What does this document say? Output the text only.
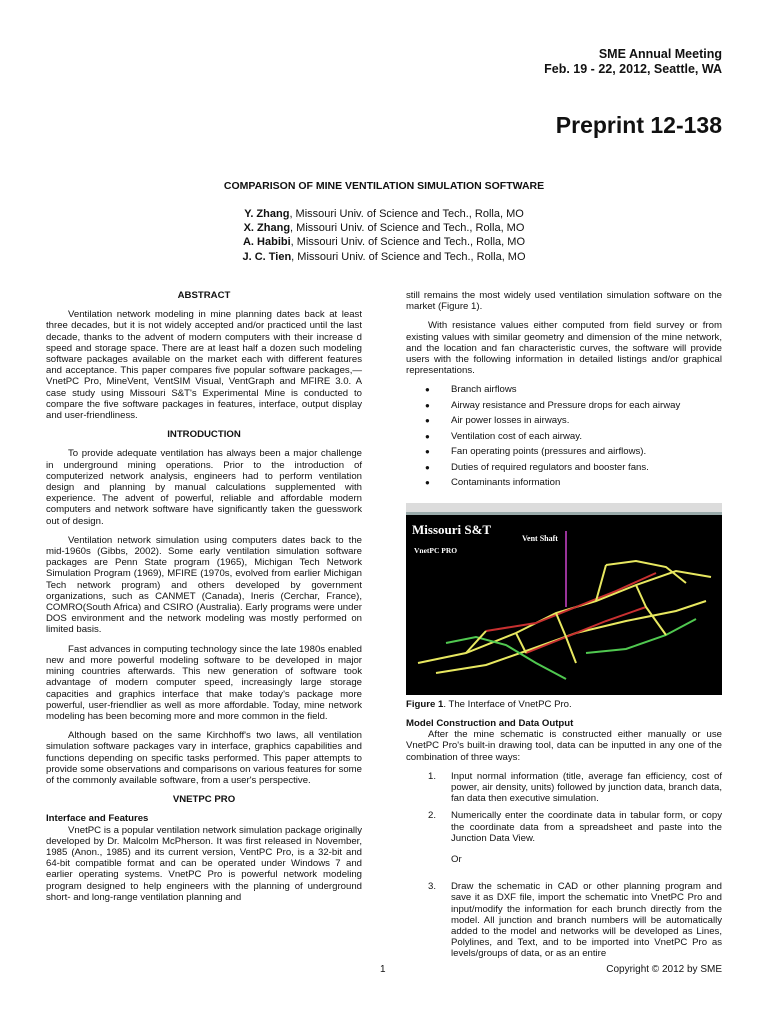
SME Annual Meeting
Feb. 19 - 22, 2012, Seattle, WA
Preprint 12-138
COMPARISON OF MINE VENTILATION SIMULATION SOFTWARE
Y. Zhang, Missouri Univ. of Science and Tech., Rolla, MO
X. Zhang, Missouri Univ. of Science and Tech., Rolla, MO
A. Habibi, Missouri Univ. of Science and Tech., Rolla, MO
J. C. Tien, Missouri Univ. of Science and Tech., Rolla, MO
ABSTRACT

Ventilation network modeling in mine planning dates back at least three decades, but it is not widely accepted and/or practiced until the last decade, thanks to the advent of modern computers with their increase d speed and storage space. There are at least half a dozen such modeling software packages available on the market each with different features and acceptance. This paper compares five popular software packages,— VnetPC Pro, MineVent, VentSIM Visual, VentGraph and MFIRE 3.0. A case study using Missouri S&T's Experimental Mine is conducted to compare the five software packages in features, interface, output display and user-friendliness.

INTRODUCTION

To provide adequate ventilation has always been a major challenge in underground mining operations. Prior to the introduction of computerized network analysis, engineers had to perform ventilation design and planning by manual calculations supplemented with experience. The advent of powerful, reliable and affordable modern computers and network software have significantly taken the guesswork out of design.

Ventilation network simulation using computers dates back to the mid-1960s (Gibbs, 2002). Some early ventilation simulation software packages are Penn State program (1965), Michigan Tech Network Simulation Program (1969), MFIRE (1970s, evolved from earlier Michigan Tech network program) and others developed by government organizations, such as CANMET (Canada), Ineris (Cerchar, France), COMRO(South Africa) and CSIRO (Australia). Early programs were under DOS environment and the network modeling was mostly performed on limited basis.

Fast advances in computing technology since the late 1980s enabled new and more powerful modeling software to be developed in major mining countries afterwards. This new generation of software took advantage of modern computer speed, increasingly large storage capacities and graphics interface that make today's package more powerful, user-friendlier as well as more affordable. Today, mine network modeling has been becoming more and more common in the field.

Although based on the same Kirchhoff's two laws, all ventilation simulation software packages vary in interface, graphics capabilities and functions depending on specific tasks performed. This paper attempts to provide some observations and comparisons on various features for some of the commonly available software, from a user's perspective.

VNETPC PRO
Interface and Features

VnetPC is a popular ventilation network simulation package originally developed by Dr. Malcolm McPherson. It was first released in November, 1985 (Anon., 1985) and its current version, VentPC Pro, is a 32-bit and 64-bit compatible format and can be operated under Windows 7 and earlier operating systems. VnetPC Pro is powerful network modeling program designed to help engineers with the planning of underground short- and long-range ventilation planning and

still remains the most widely used ventilation simulation software on the market (Figure 1).

With resistance values either computed from field survey or from existing values with similar geometry and dimension of the mine network, and the location and fan characteristic curves, the software will provide users with the following information in detailed listings and/or graphical representations.

● Branch airflows
● Airway resistance and Pressure drops for each airway
● Air power losses in airways.
● Ventilation cost of each airway.
● Fan operating points (pressures and airflows).
● Duties of required regulators and booster fans.
● Contaminants information
Missouri S&T
VnetPC PRO
Vent Shaft
Figure 1. The Interface of VnetPC Pro.
Model Construction and Data Output

After the mine schematic is constructed either manually or use VnetPC Pro's built-in drawing tool, data can be inputted in any one of the combination of three ways:

1. Input normal information (title, average fan efficiency, cost of power, air density, units) followed by junction data, branch data, fan data then executive simulation.
2. Numerically enter the coordinate data in tabular form, or copy the coordinate data from a spreadsheet and paste into the Junction Data View.
Or
3. Draw the schematic in CAD or other planning program and save it as DXF file, import the schematic into VnetPC Pro and input/modify the information for each brunch directly from the model. All junction and branch numbers will be automatically added to the model and networks will be developed as Lines, Polylines, and Text, and to be imported into VnetPC Pro as levels/groups of data, or as an entire
1	Copyright © 2012 by SME
